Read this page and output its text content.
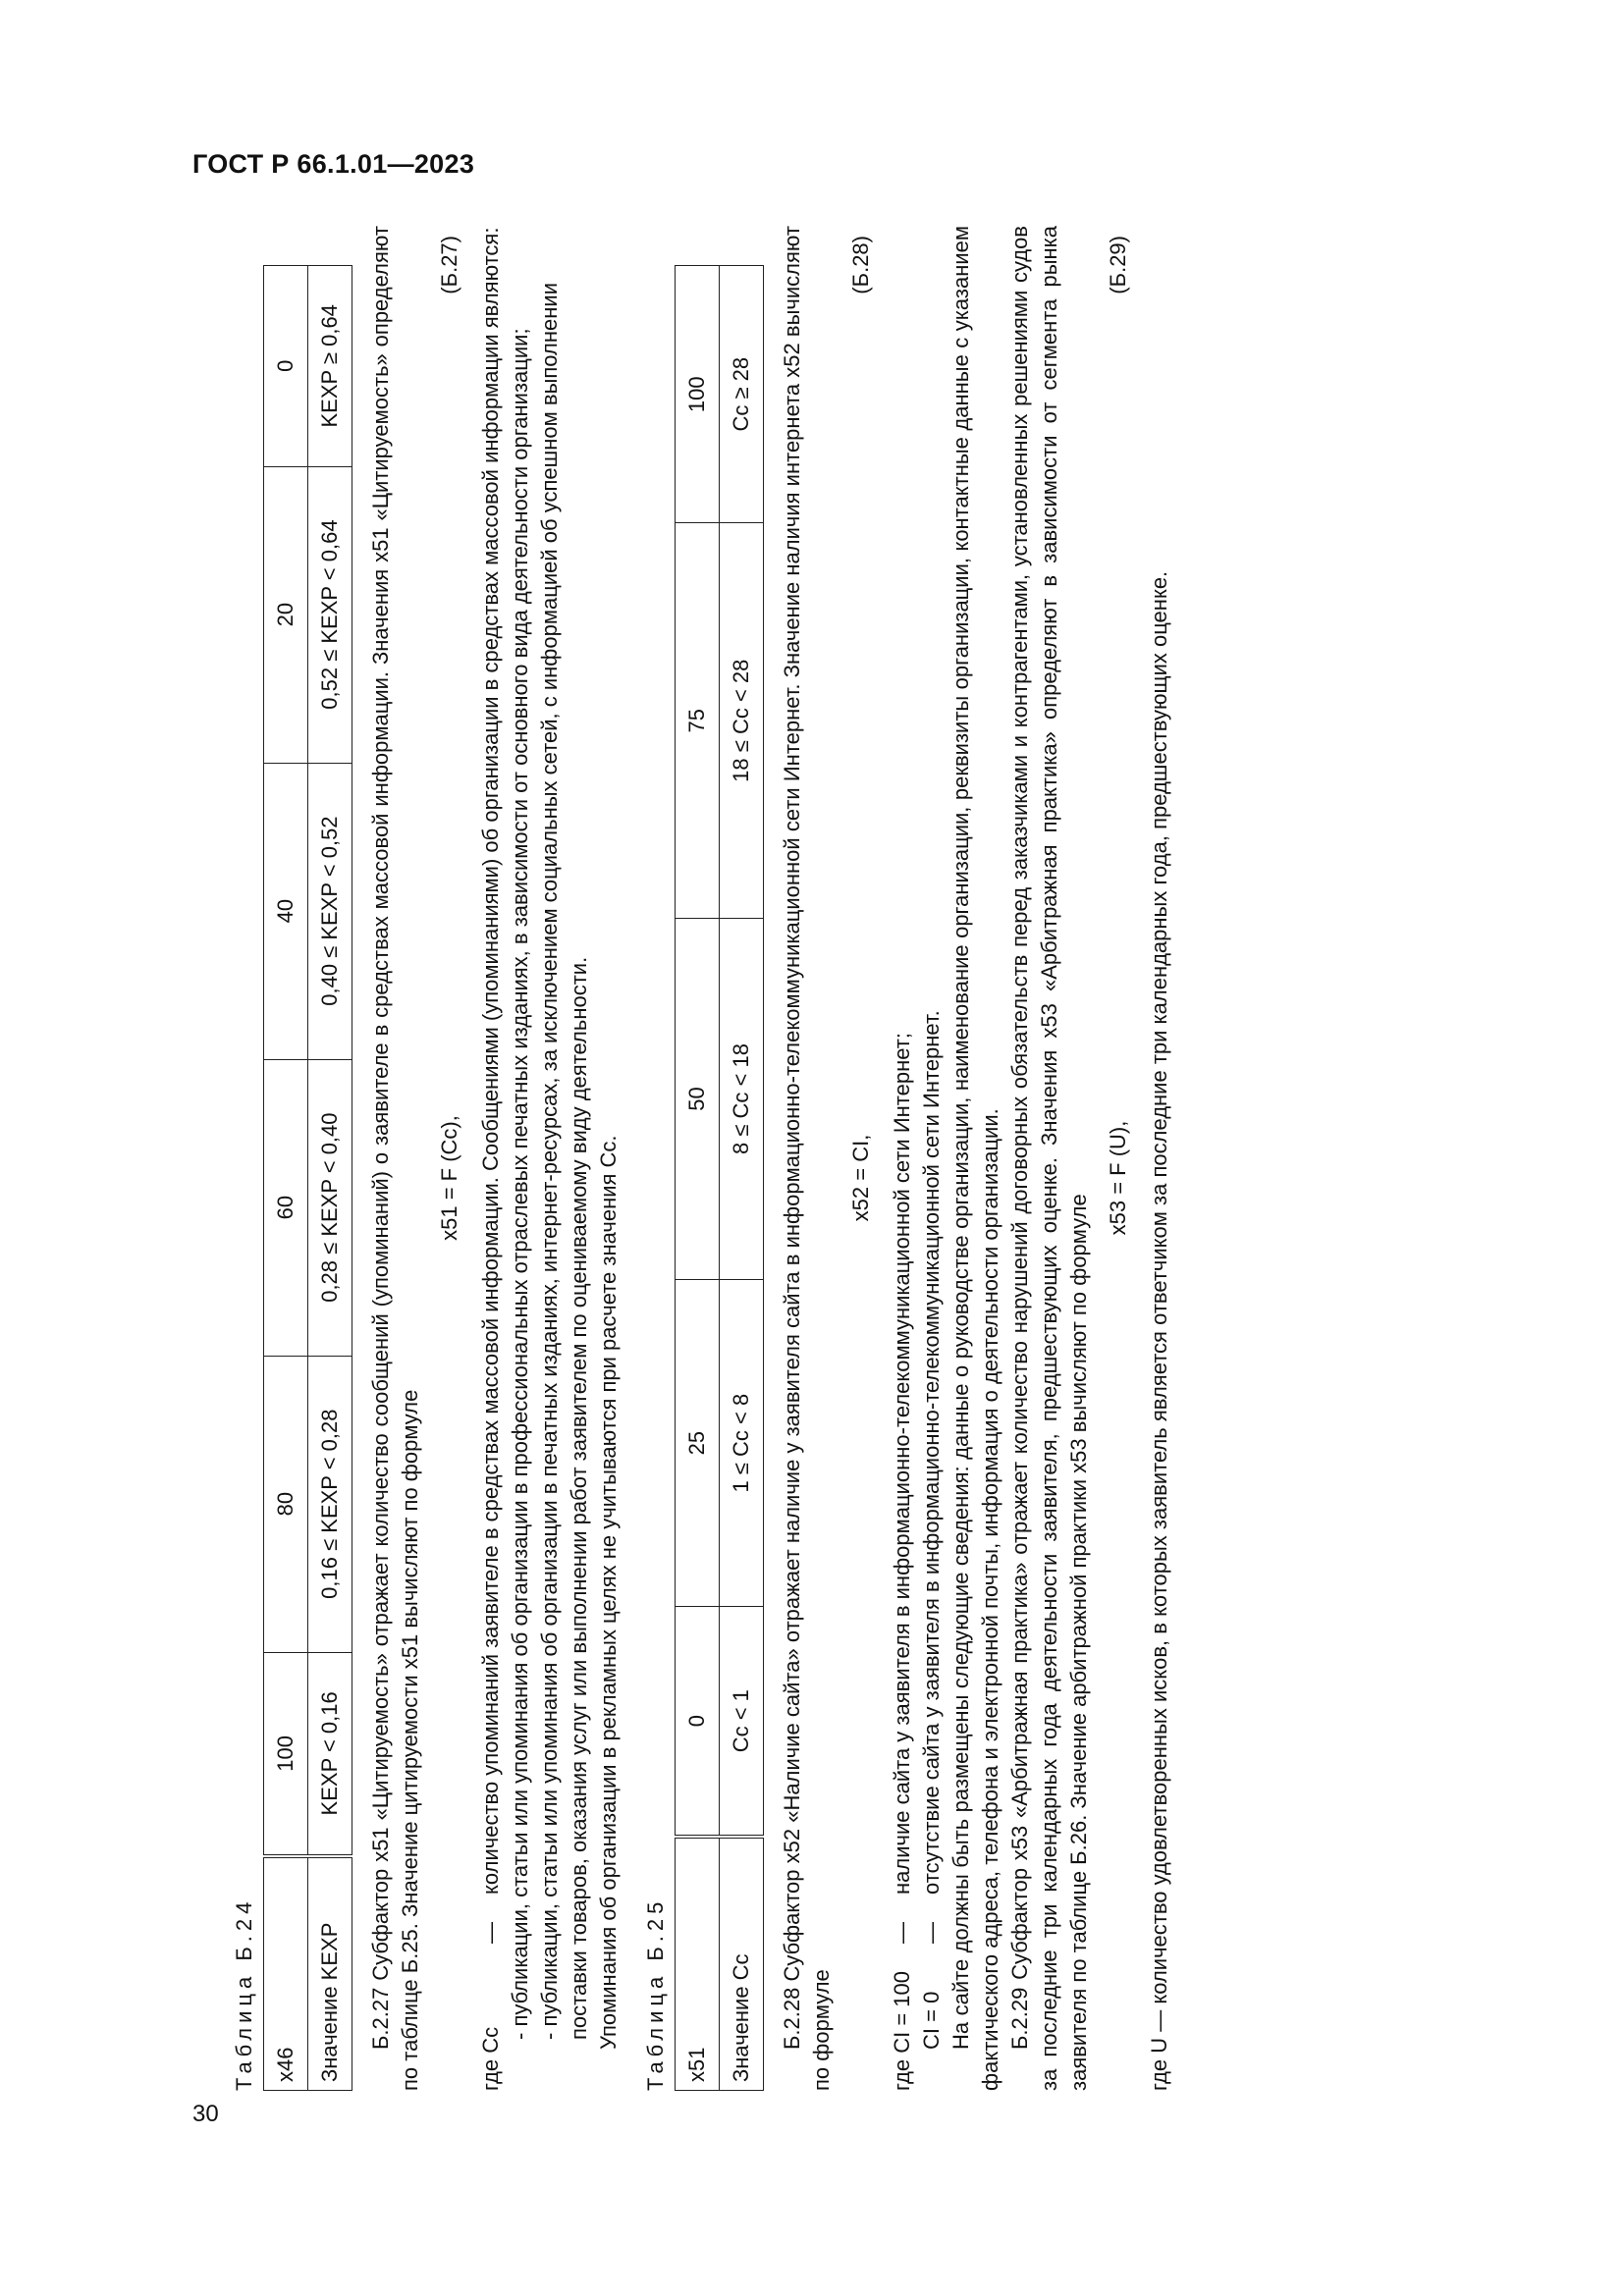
ГОСТ Р 66.1.01—2023
Таблица Б.24 x46	100	80	60	40	20	0
Значение KEXP	KEXP < 0,16	0,16 ≤ KEXP < 0,28	0,28 ≤ KEXP < 0,40	0,40 ≤ KEXP < 0,52	0,52 ≤ KEXP < 0,64	KEXP ≥ 0,64 Б.2.27 Субфактор x51 «Цитируемость» отражает количество сообщений (упоминаний) о заявителе в средствах массовой информации. Значения x51 «Цитируемость» определяют по таблице Б.25. Значение цитируемости x51 вычисляют по формуле

x51 = F (Cc),
(Б.27)
где Cc
—
количество упоминаний заявителе в средствах массовой информации. Сообщениями (упоминаниями) об организации в средствах массовой информации являются: - публикации, статьи или упоминания об организации в профессиональных отраслевых печатных изданиях, в зависимости от основного вида деятельности организации; - публикации, статьи или упоминания об организации в печатных изданиях, интернет-ресурсах, за исключением социальных сетей, с информацией об успешном выполнении поставки товаров, оказания услуг или выполнении работ заявителем по оцениваемому виду деятельности. Упоминания об организации в рекламных целях не учитываются при расчете значения Cc. Таблица Б.25 x51	0	25	50	75	100
Значение Cc	Cc < 1	1 ≤ Cc < 8	8 ≤ Cc < 18	18 ≤ Cc < 28	Cc ≥ 28 Б.2.28 Субфактор x52 «Наличие сайта» отражает наличие у заявителя сайта в информационно-телекоммуникационной сети Интернет. Значение наличия интернета x52 вычисляют по формуле

x52 = CI,
(Б.28)
где CI = 100
—
наличие сайта у заявителя в информационно-телекоммуникационной сети Интернет;
CI = 0
—
отсутствие сайта у заявителя в информационно-телекоммуникационной сети Интернет. На сайте должны быть размещены следующие сведения: данные о руководстве организации, наименование организации, реквизиты организации, контактные данные с указанием фактического адреса, телефона и электронной почты, информация о деятельности организации. Б.2.29 Субфактор x53 «Арбитражная практика» отражает количество нарушений договорных обязательств перед заказчиками и контрагентами, установленных решениями судов за последние три календарных года деятельности заявителя, предшествующих оценке. Значения x53 «Арбитражная практика» определяют в зависимости от сегмента рынка заявителя по таблице Б.26. Значение арбитражной практики x53 вычисляют по формуле

x53 = F (U),
(Б.29)

где U — количество удовлетворенных исков, в которых заявитель является ответчиком за последние три календарных года, предшествующих оценке.

30
